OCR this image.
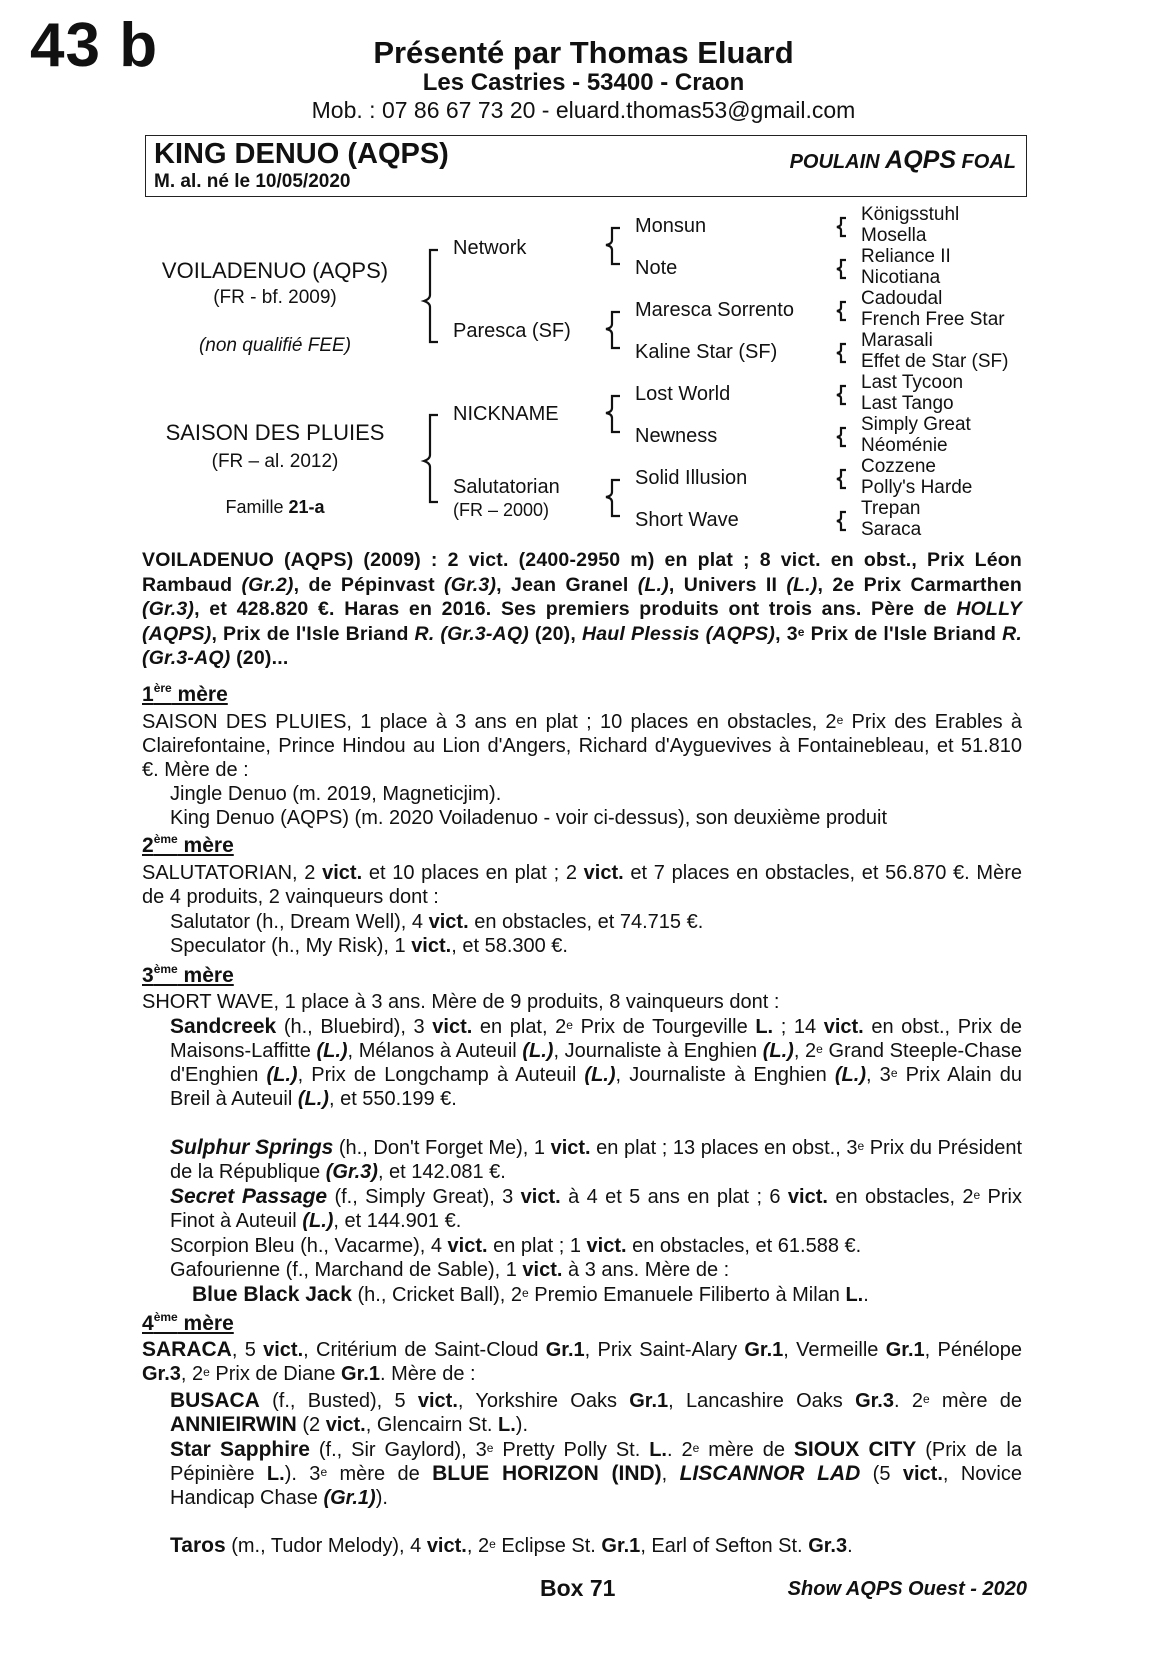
43 b	Présenté par Thomas Eluard
Les Castries - 53400 - Craon
Mob. : 07 86 67 73 20 - eluard.thomas53@gmail.com
KING DENUO (AQPS)
M. al. né le 10/05/2020
POULAIN AQPS FOAL
VOILADENUO (AQPS)
(FR - bf. 2009)
(non qualifié FEE)
SAISON DES PLUIES
(FR – al. 2012)
Famille 21-a
Network
Paresca (SF)
NICKNAME
Salutatorian
(FR – 2000)
Monsun
Note
Maresca Sorrento
Kaline Star (SF)
Lost World
Newness
Solid Illusion
Short Wave
Königsstuhl
Mosella
Reliance II
Nicotiana
Cadoudal
French Free Star
Marasali
Effet de Star (SF)
Last Tycoon
Last Tango
Simply Great
Néoménie
Cozzene
Polly's Harde
Trepan
Saraca
VOILADENUO (AQPS) (2009) : 2 vict. (2400-2950 m) en plat ; 8 vict. en obst., Prix Léon Rambaud (Gr.2), de Pépinvast (Gr.3), Jean Granel (L.), Univers II (L.), 2e Prix Carmarthen (Gr.3), et 428.820 €. Haras en 2016. Ses premiers produits ont trois ans. Père de HOLLY (AQPS), Prix de l'Isle Briand R. (Gr.3-AQ) (20), Haul Plessis (AQPS), 3e Prix de l'Isle Briand R. (Gr.3-AQ) (20)...
1ère mère
SAISON DES PLUIES, 1 place à 3 ans en plat ; 10 places en obstacles, 2e Prix des Erables à Clairefontaine, Prince Hindou au Lion d'Angers, Richard d'Ayguevives à Fontainebleau, et 51.810 €. Mère de :
Jingle Denuo (m. 2019, Magneticjim).
King Denuo (AQPS) (m. 2020 Voiladenuo - voir ci-dessus), son deuxième produit
2ème mère
SALUTATORIAN, 2 vict. et 10 places en plat ; 2 vict. et 7 places en obstacles, et 56.870 €. Mère de 4 produits, 2 vainqueurs dont :
Salutator (h., Dream Well), 4 vict. en obstacles, et 74.715 €.
Speculator (h., My Risk), 1 vict., et 58.300 €.
3ème mère
SHORT WAVE, 1 place à 3 ans. Mère de 9 produits, 8 vainqueurs dont :
Sandcreek (h., Bluebird), 3 vict. en plat, 2e Prix de Tourgeville L. ; 14 vict. en obst., Prix de Maisons-Laffitte (L.), Mélanos à Auteuil (L.), Journaliste à Enghien (L.), 2e Grand Steeple-Chase d'Enghien (L.), Prix de Longchamp à Auteuil (L.), Journaliste à Enghien (L.), 3e Prix Alain du Breil à Auteuil (L.), et 550.199 €.
Sulphur Springs (h., Don't Forget Me), 1 vict. en plat ; 13 places en obst., 3e Prix du Président de la République (Gr.3), et 142.081 €.
Secret Passage (f., Simply Great), 3 vict. à 4 et 5 ans en plat ; 6 vict. en obstacles, 2e Prix Finot à Auteuil (L.), et 144.901 €.
Scorpion Bleu (h., Vacarme), 4 vict. en plat ; 1 vict. en obstacles, et 61.588 €.
Gafourienne (f., Marchand de Sable), 1 vict. à 3 ans. Mère de :
Blue Black Jack (h., Cricket Ball), 2e Premio Emanuele Filiberto à Milan L..
4ème mère
SARACA, 5 vict., Critérium de Saint-Cloud Gr.1, Prix Saint-Alary Gr.1, Vermeille Gr.1, Pénélope Gr.3, 2e Prix de Diane Gr.1. Mère de :
BUSACA (f., Busted), 5 vict., Yorkshire Oaks Gr.1, Lancashire Oaks Gr.3. 2e mère de ANNIEIRWIN (2 vict., Glencairn St. L.).
Star Sapphire (f., Sir Gaylord), 3e Pretty Polly St. L.. 2e mère de SIOUX CITY (Prix de la Pépinière L.). 3e mère de BLUE HORIZON (IND), LISCANNOR LAD (5 vict., Novice Handicap Chase (Gr.1)).
Taros (m., Tudor Melody), 4 vict., 2e Eclipse St. Gr.1, Earl of Sefton St. Gr.3.
Box 71	Show AQPS Ouest - 2020
